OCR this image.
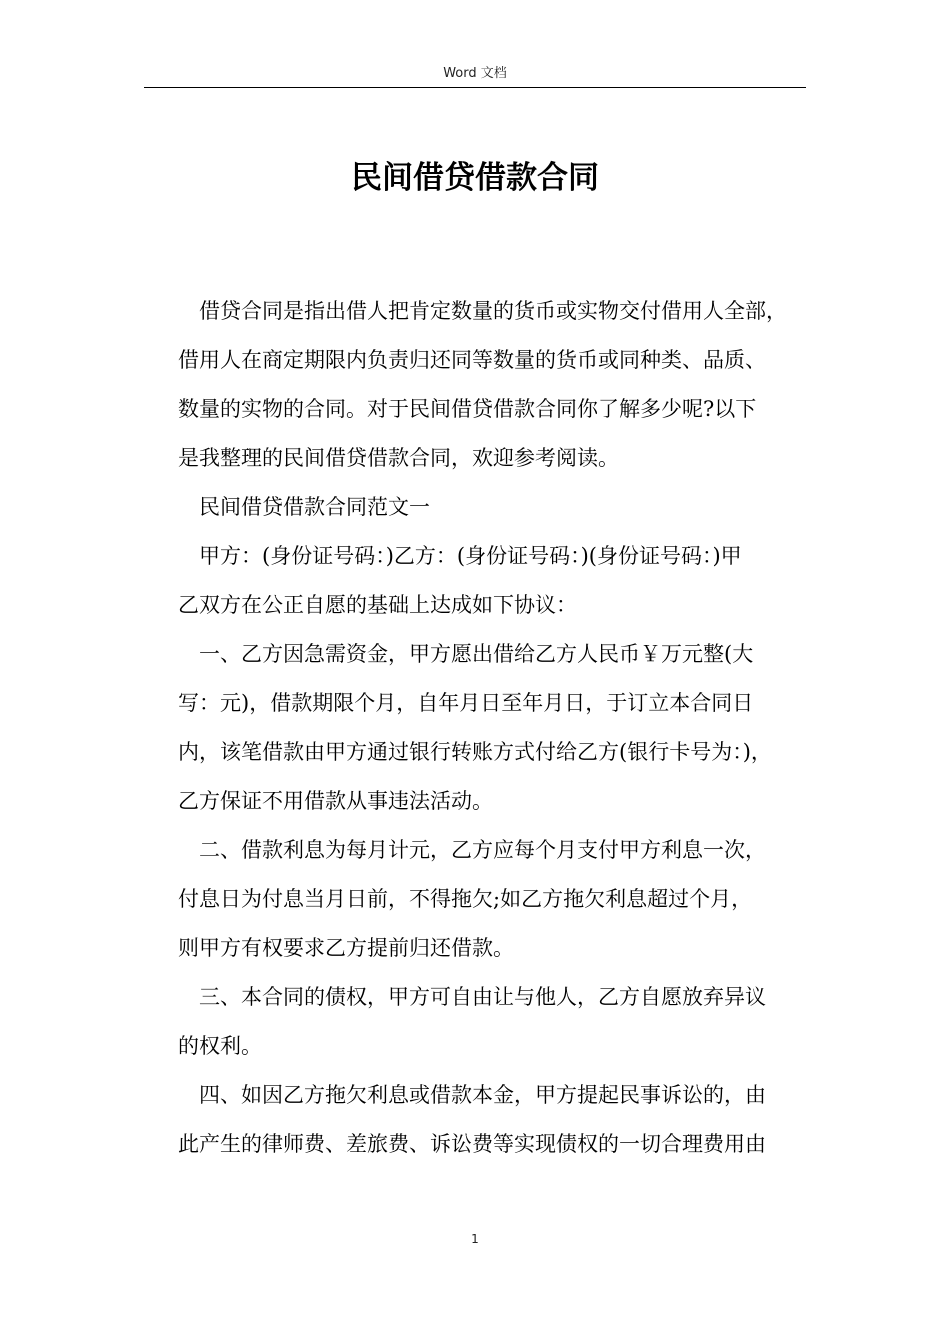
Word 文档
民间借贷借款合同
借贷合同是指出借人把肯定数量的货币或实物交付借用人全部，
借用人在商定期限内负责归还同等数量的货币或同种类、品质、
数量的实物的合同。对于民间借贷借款合同你了解多少呢?以下
是我整理的民间借贷借款合同，欢迎参考阅读。
民间借贷借款合同范文一
甲方：(身份证号码：)乙方：(身份证号码：)(身份证号码：)甲
乙双方在公正自愿的基础上达成如下协议：
一、乙方因急需资金，甲方愿出借给乙方人民币￥万元整(大
写：元)，借款期限个月，自年月日至年月日，于订立本合同日
内，该笔借款由甲方通过银行转账方式付给乙方(银行卡号为：)，
乙方保证不用借款从事违法活动。
二、借款利息为每月计元，乙方应每个月支付甲方利息一次，
付息日为付息当月日前，不得拖欠;如乙方拖欠利息超过个月，
则甲方有权要求乙方提前归还借款。
三、本合同的债权，甲方可自由让与他人，乙方自愿放弃异议
的权利。
四、如因乙方拖欠利息或借款本金，甲方提起民事诉讼的，由
此产生的律师费、差旅费、诉讼费等实现债权的一切合理费用由
1
